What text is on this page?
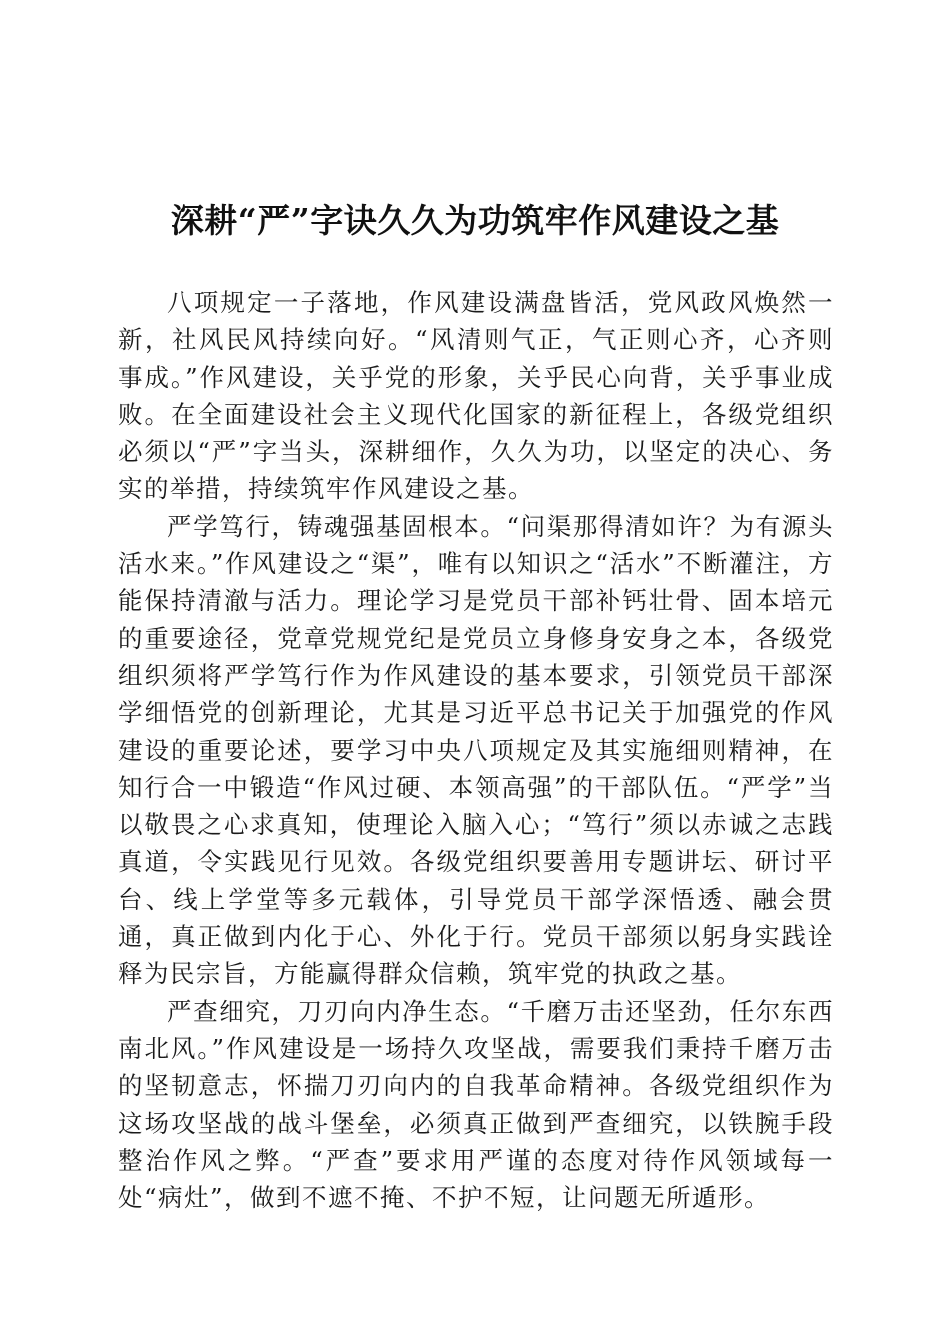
深耕“严”字诀久久为功筑牢作风建设之基

八项规定一子落地，作风建设满盘皆活，党风政风焕然一新，社风民风持续向好。“风清则气正，气正则心齐，心齐则事成。”作风建设，关乎党的形象，关乎民心向背，关乎事业成败。在全面建设社会主义现代化国家的新征程上，各级党组织必须以“严”字当头，深耕细作，久久为功，以坚定的决心、务实的举措，持续筑牢作风建设之基。

严学笃行，铸魂强基固根本。“问渠那得清如许？为有源头活水来。”作风建设之“渠”，唯有以知识之“活水”不断灌注，方能保持清澈与活力。理论学习是党员干部补钙壮骨、固本培元的重要途径，党章党规党纪是党员立身修身安身之本，各级党组织须将严学笃行作为作风建设的基本要求，引领党员干部深学细悟党的创新理论，尤其是习近平总书记关于加强党的作风建设的重要论述，要学习中央八项规定及其实施细则精神，在知行合一中锻造“作风过硬、本领高强”的干部队伍。“严学”当以敬畏之心求真知，使理论入脑入心；“笃行”须以赤诚之志践真道，令实践见行见效。各级党组织要善用专题讲坛、研讨平台、线上学堂等多元载体，引导党员干部学深悟透、融会贯通，真正做到内化于心、外化于行。党员干部须以躬身实践诠释为民宗旨，方能赢得群众信赖，筑牢党的执政之基。

严查细究，刀刃向内净生态。“千磨万击还坚劲，任尔东西南北风。”作风建设是一场持久攻坚战，需要我们秉持千磨万击的坚韧意志，怀揣刀刃向内的自我革命精神。各级党组织作为这场攻坚战的战斗堡垒，必须真正做到严查细究，以铁腕手段整治作风之弊。“严查”要求用严谨的态度对待作风领域每一处“病灶”，做到不遮不掩、不护不短，让问题无所遁形。
